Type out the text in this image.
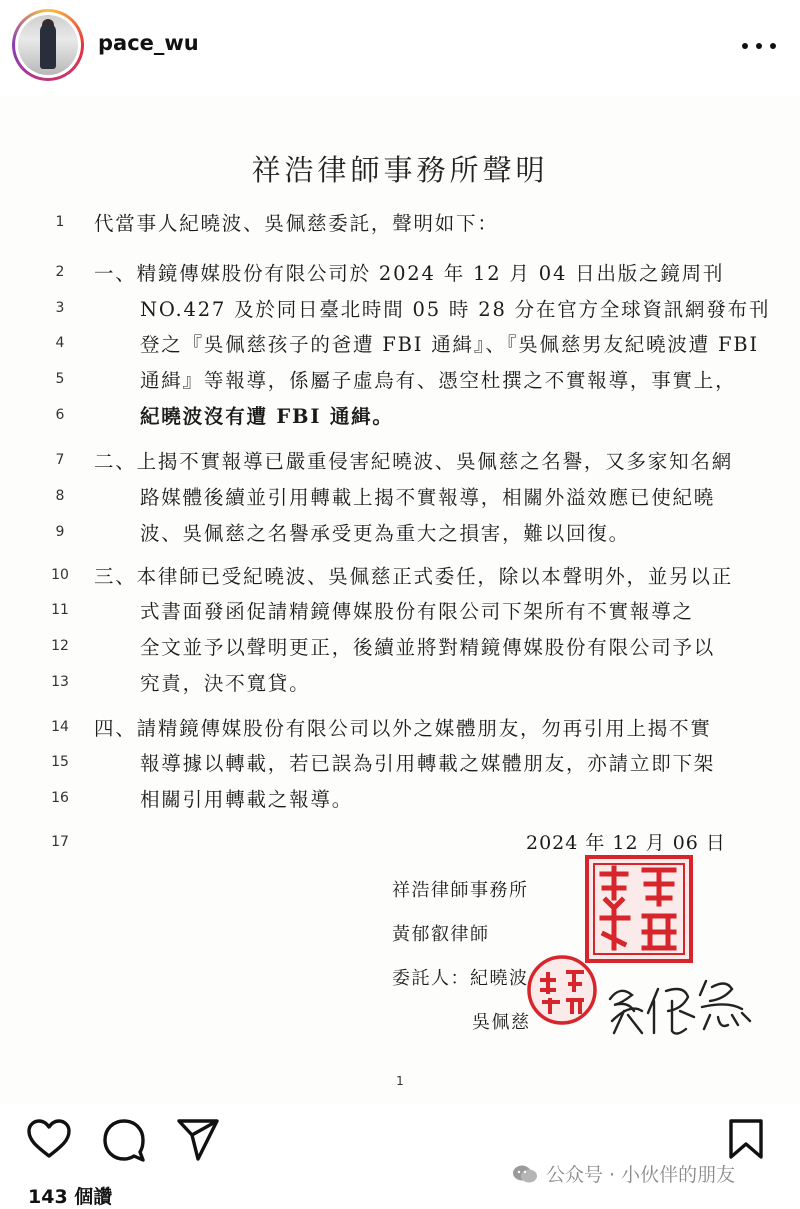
pace_wu
祥浩律師事務所聲明
1	代當事人紀曉波、吳佩慈委託，聲明如下：
2	一、精鏡傳媒股份有限公司於 2024 年 12 月 04 日出版之鏡周刊
3	NO.427 及於同日臺北時間 05 時 28 分在官方全球資訊網發布刊
4	登之『吳佩慈孩子的爸遭 FBI 通緝』、『吳佩慈男友紀曉波遭 FBI
5	通緝』等報導，係屬子虛烏有、憑空杜撰之不實報導，事實上，
6	紀曉波沒有遭 FBI 通緝。
7	二、上揭不實報導已嚴重侵害紀曉波、吳佩慈之名譽，又多家知名網
8	路媒體後續並引用轉載上揭不實報導，相關外溢效應已使紀曉
9	波、吳佩慈之名譽承受更為重大之損害，難以回復。
10	三、本律師已受紀曉波、吳佩慈正式委任，除以本聲明外，並另以正
11	式書面發函促請精鏡傳媒股份有限公司下架所有不實報導之
12	全文並予以聲明更正，後續並將對精鏡傳媒股份有限公司予以
13	究責，決不寬貸。
14	四、請精鏡傳媒股份有限公司以外之媒體朋友，勿再引用上揭不實
15	報導據以轉載，若已誤為引用轉載之媒體朋友，亦請立即下架
16	相關引用轉載之報導。
17	2024 年 12 月 06 日
祥浩律師事務所
黃郁叡律師
委託人：紀曉波
吳佩慈
1
公众号 · 小伙伴的朋友
143 個讚
